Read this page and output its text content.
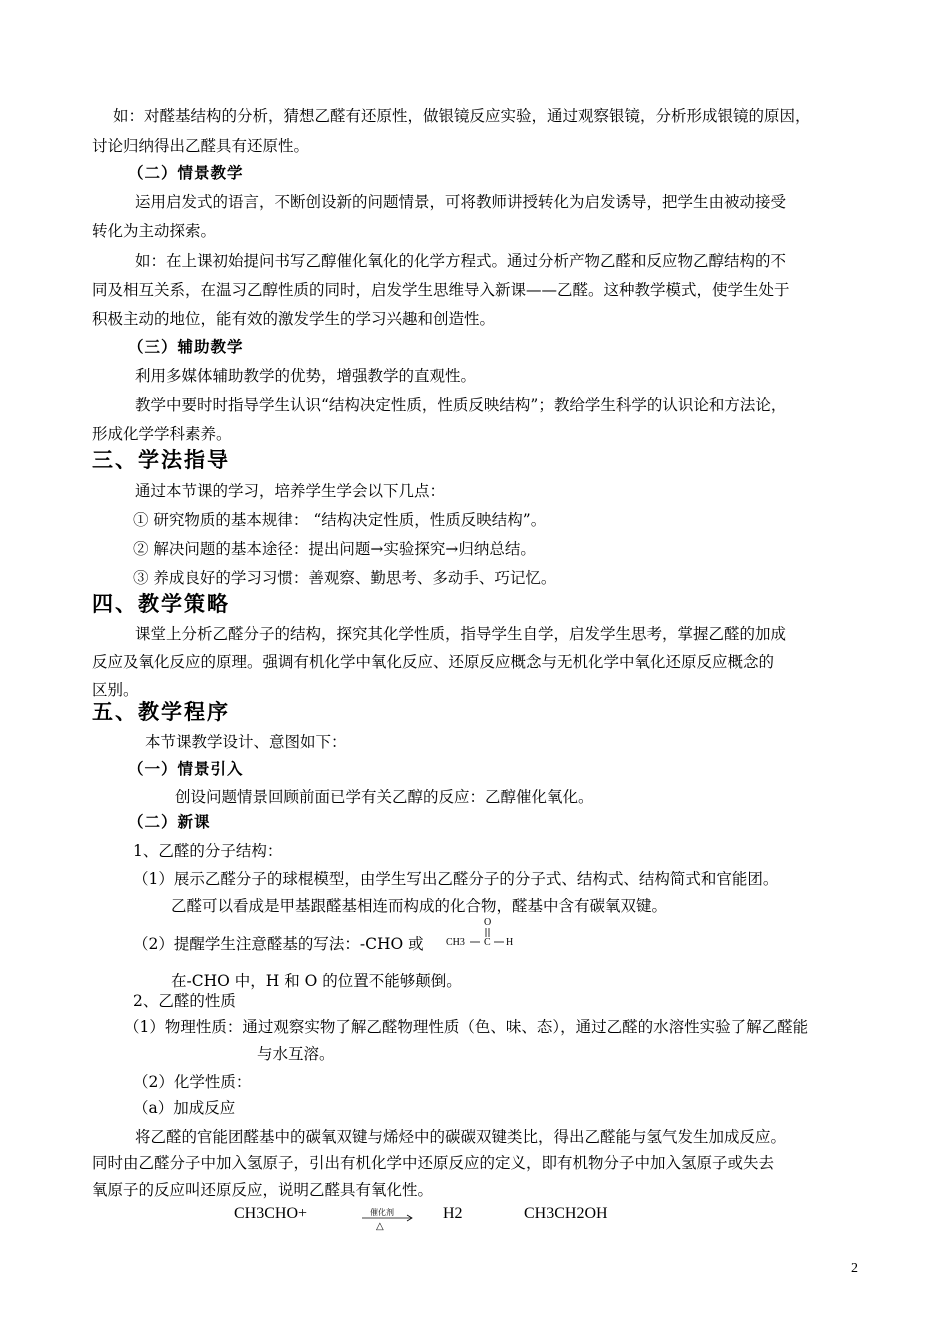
如：对醛基结构的分析，猜想乙醛有还原性，做银镜反应实验，通过观察银镜，分析形成银镜的原因，
讨论归纳得出乙醛具有还原性。
（二）情景教学
运用启发式的语言，不断创设新的问题情景，可将教师讲授转化为启发诱导，把学生由被动接受
转化为主动探索。
如：在上课初始提问书写乙醇催化氧化的化学方程式。通过分析产物乙醛和反应物乙醇结构的不
同及相互关系，在温习乙醇性质的同时，启发学生思维导入新课——乙醛。这种教学模式，使学生处于
积极主动的地位，能有效的激发学生的学习兴趣和创造性。
（三）辅助教学
利用多媒体辅助教学的优势，增强教学的直观性。
教学中要时时指导学生认识“结构决定性质，性质反映结构”；教给学生科学的认识论和方法论，
形成化学学科素养。
三、学法指导
通过本节课的学习，培养学生学会以下几点：
① 研究物质的基本规律： “结构决定性质，性质反映结构”。
② 解决问题的基本途径：提出问题→实验探究→归纳总结。
③ 养成良好的学习习惯：善观察、勤思考、多动手、巧记忆。
四、教学策略
课堂上分析乙醛分子的结构，探究其化学性质，指导学生自学，启发学生思考，掌握乙醛的加成
反应及氧化反应的原理。强调有机化学中氧化反应、还原反应概念与无机化学中氧化还原反应概念的
区别。
五、教学程序
本节课教学设计、意图如下：
（一）情景引入
创设问题情景回顾前面已学有关乙醇的反应：乙醇催化氧化。
（二）新课
1、乙醛的分子结构：
（1）展示乙醛分子的球棍模型，由学生写出乙醛分子的分子式、结构式、结构简式和官能团。
乙醛可以看成是甲基跟醛基相连而构成的化合物，醛基中含有碳氧双键。
（2）提醒学生注意醛基的写法：-CHO 或
O
CH3 C H
在-CHO 中，H 和 O 的位置不能够颠倒。
2、乙醛的性质
（1）物理性质：通过观察实物了解乙醛物理性质（色、味、态），通过乙醛的水溶性实验了解乙醛能
与水互溶。
（2）化学性质：
（a）加成反应
将乙醛的官能团醛基中的碳氧双键与烯烃中的碳碳双键类比，得出乙醛能与氢气发生加成反应。
同时由乙醛分子中加入氢原子，引出有机化学中还原反应的定义，即有机物分子中加入氢原子或失去
氧原子的反应叫还原反应，说明乙醛具有氧化性。
CH3CHO+	催化剂
△
H2	CH3CH2OH
2
